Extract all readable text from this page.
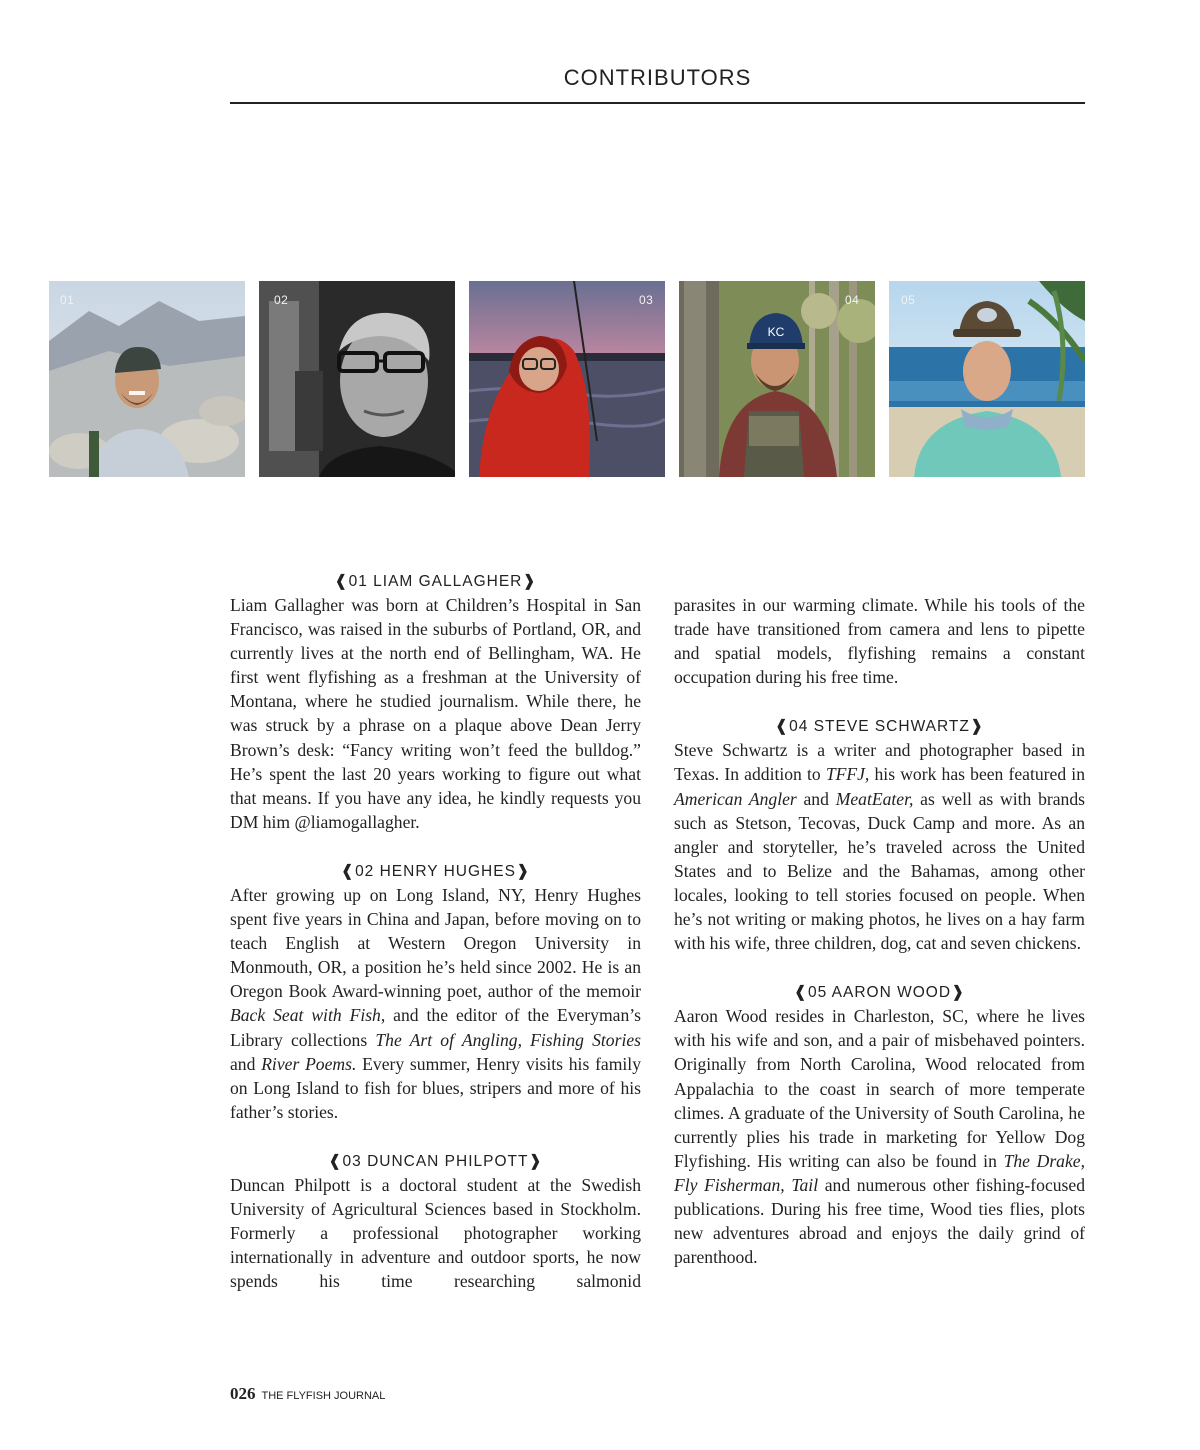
CONTRIBUTORS
01	02	03
KC
04	05
❰01 LIAM GALLAGHER❱

Liam Gallagher was born at Children’s Hospital in San Francisco, was raised in the suburbs of Portland, OR, and currently lives at the north end of Bellingham, WA. He first went flyfishing as a freshman at the University of Montana, where he studied journalism. While there, he was struck by a phrase on a plaque above Dean Jerry Brown’s desk: “Fancy writing won’t feed the bulldog.” He’s spent the last 20 years working to figure out what that means. If you have any idea, he kindly requests you DM him @liamogallagher.

❰02 HENRY HUGHES❱

After growing up on Long Island, NY, Henry Hughes spent five years in China and Japan, before moving on to teach English at Western Oregon University in Monmouth, OR, a position he’s held since 2002. He is an Oregon Book Award-winning poet, author of the memoir Back Seat with Fish, and the editor of the Everyman’s Library collections The Art of Angling, Fishing Stories and River Poems. Every summer, Henry visits his family on Long Island to fish for blues, stripers and more of his father’s stories.

❰03 DUNCAN PHILPOTT❱

Duncan Philpott is a doctoral student at the Swedish University of Agricultural Sciences based in Stockholm. Formerly a professional photographer working internationally in adventure and outdoor sports, he now spends his time researching salmonid

parasites in our warming climate. While his tools of the trade have transitioned from camera and lens to pipette and spatial models, flyfishing remains a constant occupation during his free time.

❰04 STEVE SCHWARTZ❱

Steve Schwartz is a writer and photographer based in Texas. In addition to TFFJ, his work has been featured in American Angler and MeatEater, as well as with brands such as Stetson, Tecovas, Duck Camp and more. As an angler and storyteller, he’s traveled across the United States and to Belize and the Bahamas, among other locales, looking to tell stories focused on people. When he’s not writing or making photos, he lives on a hay farm with his wife, three children, dog, cat and seven chickens.

❰05 AARON WOOD❱

Aaron Wood resides in Charleston, SC, where he lives with his wife and son, and a pair of misbehaved pointers. Originally from North Carolina, Wood relocated from Appalachia to the coast in search of more temperate climes. A graduate of the University of South Carolina, he currently plies his trade in marketing for Yellow Dog Flyfishing. His writing can also be found in The Drake, Fly Fisherman, Tail and numerous other fishing-focused publications. During his free time, Wood ties flies, plots new adventures abroad and enjoys the daily grind of parenthood.

026 THE FLYFISH JOURNAL
